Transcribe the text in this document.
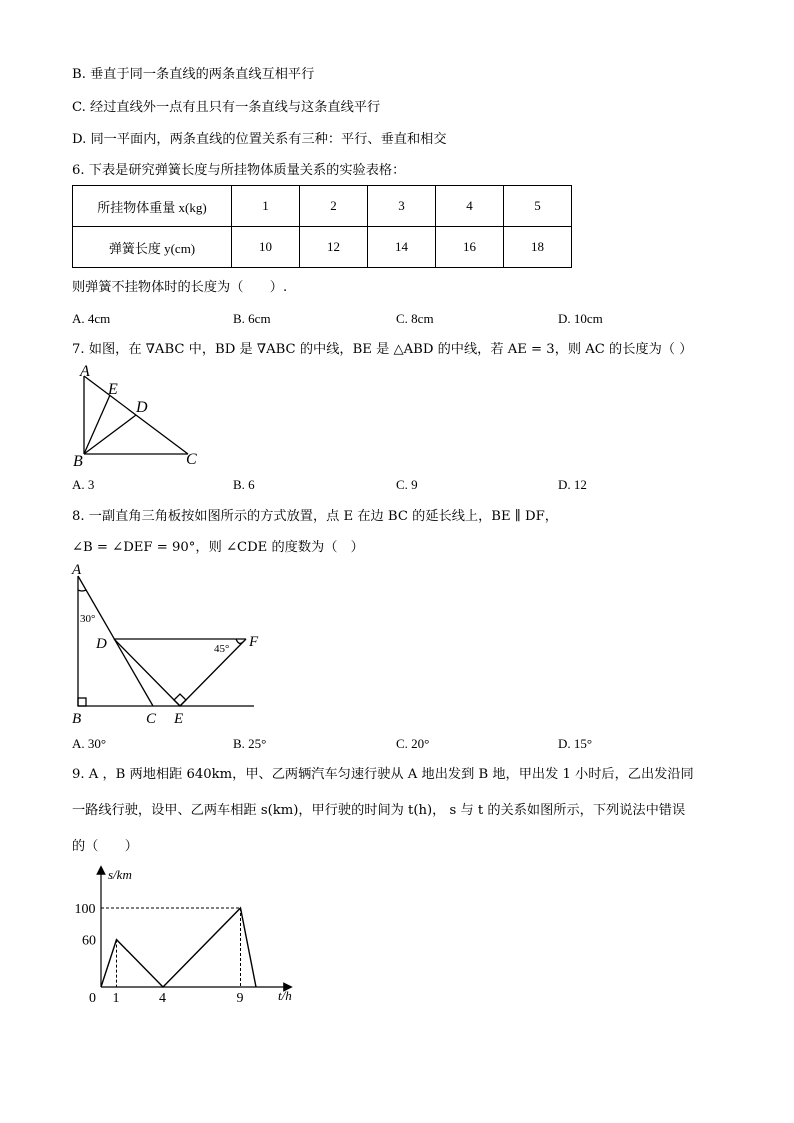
B. 垂直于同一条直线的两条直线互相平行
C. 经过直线外一点有且只有一条直线与这条直线平行
D. 同一平面内，两条直线的位置关系有三种：平行、垂直和相交
6. 下表是研究弹簧长度与所挂物体质量关系的实验表格：
所挂物体重量 x(kg)	1	2	3	4	5
弹簧长度 y(cm)	10	12	14	16	18
则弹簧不挂物体时的长度为（　　）.
A. 4cm	B. 6cm	C. 8cm	D. 10cm
7. 如图，在 ∇ABC 中，BD 是 ∇ABC 的中线，BE 是 △ABD 的中线，若 AE = 3，则 AC 的长度为（ ）
A
E
D
B	C
A. 3	B. 6	C. 9	D. 12
8. 一副直角三角板按如图所示的方式放置，点 E 在边 BC 的延长线上，BE ∥ DF，
∠B = ∠DEF = 90°，则 ∠CDE 的度数为（　）
A
D	F
B	C E
30°
45°
A. 30°	B. 25°	C. 20°	D. 15°
9. A ，B 两地相距 640km，甲、乙两辆汽车匀速行驶从 A 地出发到 B 地，甲出发 1 小时后，乙出发沿同
一路线行驶，设甲、乙两车相距 s(km)，甲行驶的时间为 t(h)， s 与 t 的关系如图所示，下列说法中错误
的（　　）
s/km
t/h
0 1	4	9
60
100
